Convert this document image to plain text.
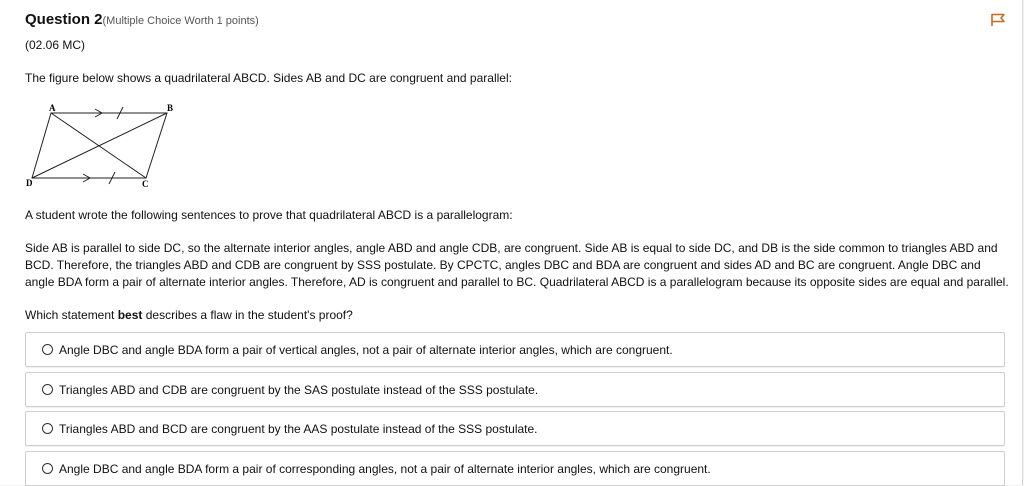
Question 2(Multiple Choice Worth 1 points)
(02.06 MC)
The figure below shows a quadrilateral ABCD. Sides AB and DC are congruent and parallel:
A	B
C
D
A student wrote the following sentences to prove that quadrilateral ABCD is a parallelogram:
Side AB is parallel to side DC, so the alternate interior angles, angle ABD and angle CDB, are congruent. Side AB is equal to side DC, and DB is the side common to triangles ABD and BCD. Therefore, the triangles ABD and CDB are congruent by SSS postulate. By CPCTC, angles DBC and BDA are congruent and sides AD and BC are congruent. Angle DBC and angle BDA form a pair of alternate interior angles. Therefore, AD is congruent and parallel to BC. Quadrilateral ABCD is a parallelogram because its opposite sides are equal and parallel.
Which statement best describes a flaw in the student's proof?
Angle DBC and angle BDA form a pair of vertical angles, not a pair of alternate interior angles, which are congruent.
Triangles ABD and CDB are congruent by the SAS postulate instead of the SSS postulate.
Triangles ABD and BCD are congruent by the AAS postulate instead of the SSS postulate.
Angle DBC and angle BDA form a pair of corresponding angles, not a pair of alternate interior angles, which are congruent.
